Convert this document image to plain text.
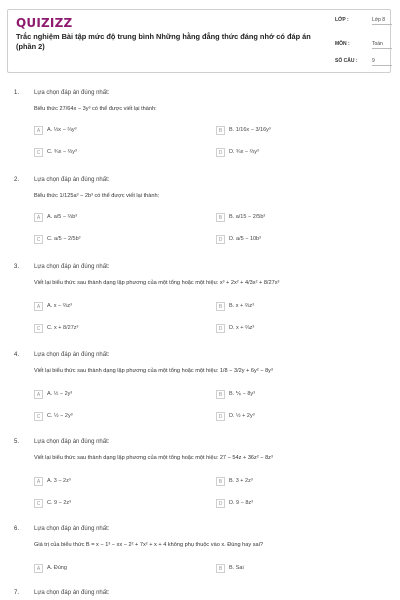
QUIZIZZ
Trắc nghiệm Bài tập mức độ trung bình Những hằng đẳng thức đáng nhớ có đáp án (phần 2)
LỚP :	Lớp 8
MÔN :	Toán
SỐ CÂU :	9
1. Lựa chọn đáp án đúng nhất:
Biểu thức 27/64x − 3y³ có thể được viết lại thành:
A	A. ⅓x − ⅔y³	B	B. 1/16x − 3/16y³
C	C. ¾x − ⅔y³	D	D. ¾x − ⅔y³
2. Lựa chọn đáp án đúng nhất:
Biểu thức 1/125a³ − 2b³ có thể được viết lại thành:
A	A. a/5 − ⅔b³	B	B. a/15 − 2/5b³
C	C. a/5 − 2/5b³	D	D. a/5 − 10b³
3. Lựa chọn đáp án đúng nhất:
Viết lại biểu thức sau thành dạng lập phương của một tổng hoặc một hiệu: x³ + 2x² + 4/3x² + 8/27x³
A	A. x − ⅔z³	B	B. x + ⅔z³
C	C. x + 8/27z³	D	D. x + ⅔z³
4. Lựa chọn đáp án đúng nhất:
Viết lại biểu thức sau thành dạng lập phương của một tổng hoặc một hiệu: 1/8 − 3/2y + 6y² − 8y³
A	A. ½ − 2y³	B	B. ⅙ − 8y³
C	C. ½ − 2y³	D	D. ½ + 2y³
5. Lựa chọn đáp án đúng nhất:
Viết lại biểu thức sau thành dạng lập phương của một tổng hoặc một hiệu: 27 − 54z + 36z² − 8z³
A	A. 3 − 2z³	B	B. 3 + 2z³
C	C. 9 − 2z³	D	D. 9 − 8z³
6. Lựa chọn đáp án đúng nhất:
Giá trị của biểu thức B = x − 1³ − xx − 2² + 7x² + x + 4 không phụ thuộc vào x. Đúng hay sai?
A	A. Đúng	B	B. Sai
7. Lựa chọn đáp án đúng nhất:
